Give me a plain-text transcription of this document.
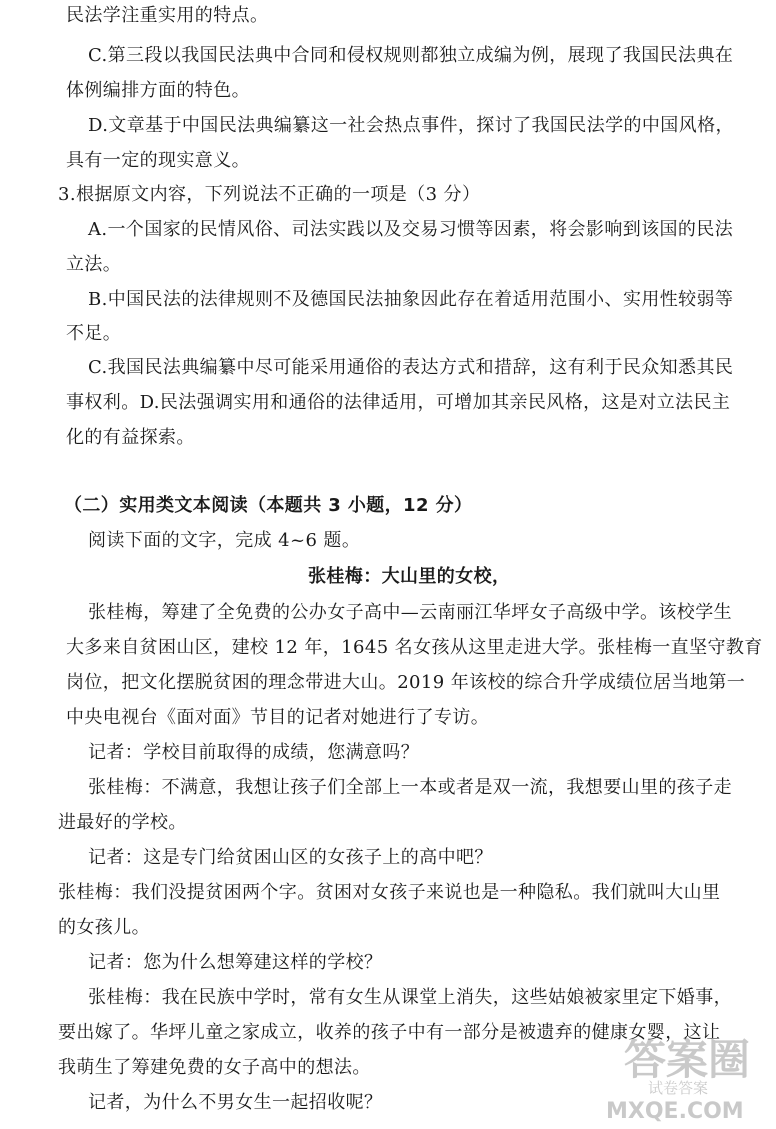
民法学注重实用的特点。
C.第三段以我国民法典中合同和侵权规则都独立成编为例，展现了我国民法典在
体例编排方面的特色。
D.文章基于中国民法典编纂这一社会热点事件，探讨了我国民法学的中国风格，
具有一定的现实意义。
3.根据原文内容，下列说法不正确的一项是（3 分）
A.一个国家的民情风俗、司法实践以及交易习惯等因素，将会影响到该国的民法
立法。
B.中国民法的法律规则不及德国民法抽象因此存在着适用范围小、实用性较弱等
不足。
C.我国民法典编纂中尽可能采用通俗的表达方式和措辞，这有利于民众知悉其民
事权利。D.民法强调实用和通俗的法律适用，可增加其亲民风格，这是对立法民主
化的有益探索。
（二）实用类文本阅读（本题共 3 小题，12 分）
阅读下面的文字，完成 4~6 题。
张桂梅：大山里的女校，
张桂梅，筹建了全免费的公办女子高中—云南丽江华坪女子高级中学。该校学生
大多来自贫困山区，建校 12 年，1645 名女孩从这里走进大学。张桂梅一直坚守教育
岗位，把文化摆脱贫困的理念带进大山。2019 年该校的综合升学成绩位居当地第一
中央电视台《面对面》节目的记者对她进行了专访。
记者：学校目前取得的成绩，您满意吗？
张桂梅：不满意，我想让孩子们全部上一本或者是双一流，我想要山里的孩子走
进最好的学校。
记者：这是专门给贫困山区的女孩子上的高中吧？
张桂梅：我们没提贫困两个字。贫困对女孩子来说也是一种隐私。我们就叫大山里
的女孩儿。
记者：您为什么想筹建这样的学校？
张桂梅：我在民族中学时，常有女生从课堂上消失，这些姑娘被家里定下婚事，
要出嫁了。华坪儿童之家成立，收养的孩子中有一部分是被遗弃的健康女婴，这让
我萌生了筹建免费的女子高中的想法。
记者，为什么不男女生一起招收呢？
答案圈
试卷答案
MXQE.COM
